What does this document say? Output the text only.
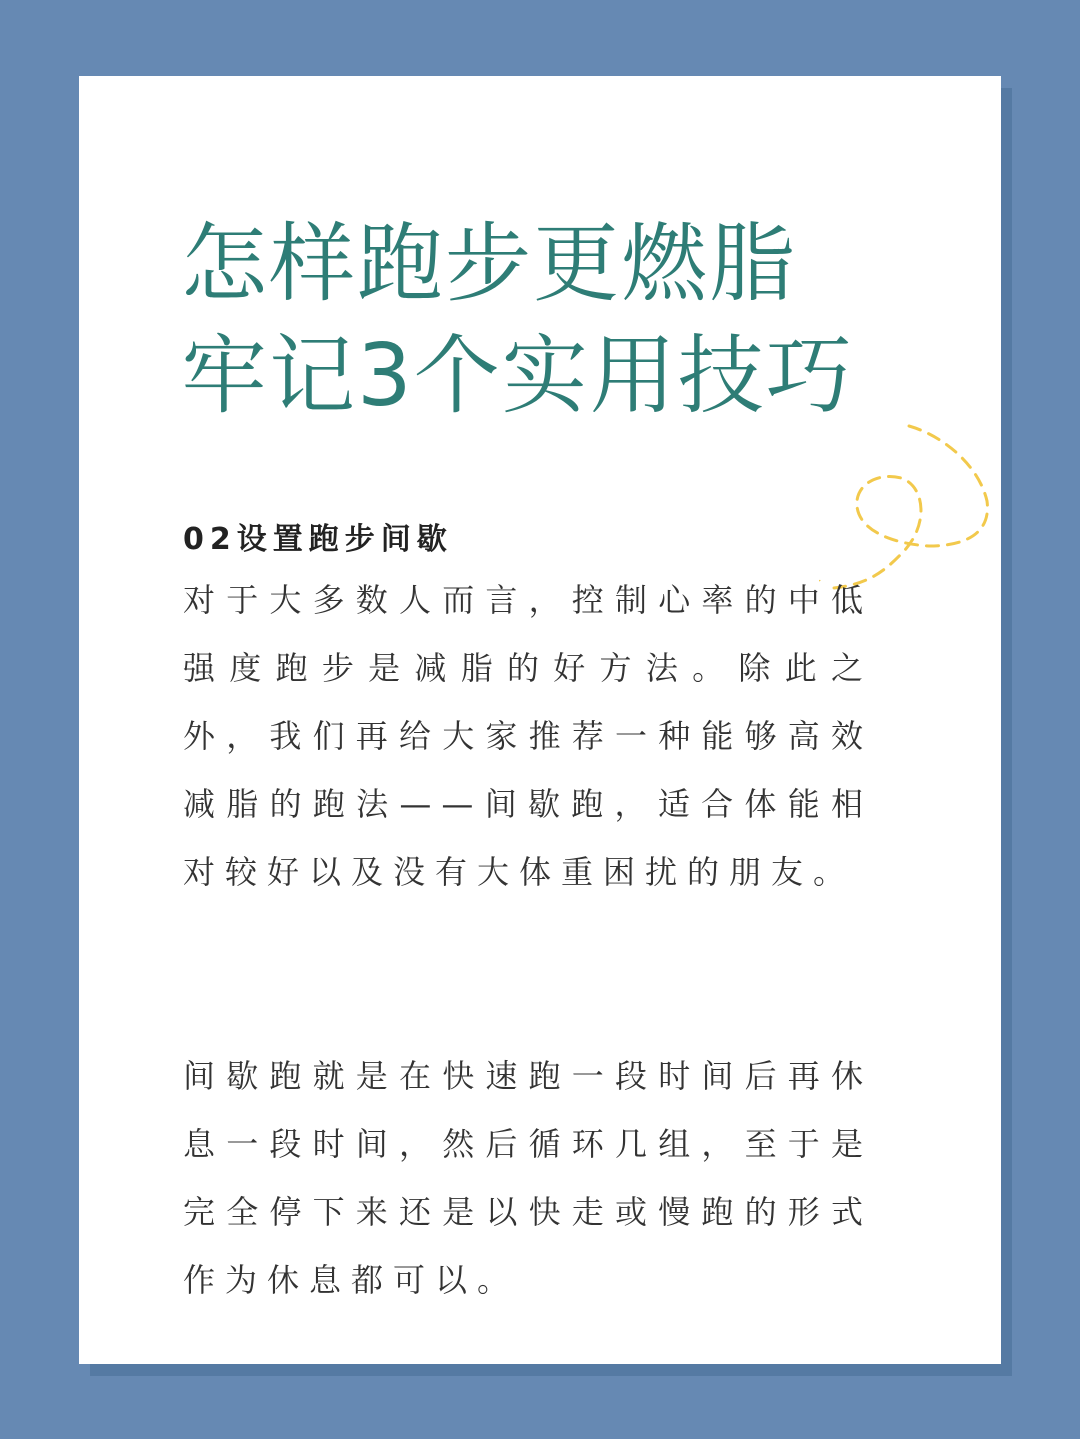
怎样跑步更燃脂
牢记3个实用技巧
02设置跑步间歇

对于大多数人而言，控制心率的中低强度跑步是减脂的好方法。除此之外，我们再给大家推荐一种能够高效减脂的跑法——间歇跑，适合体能相对较好以及没有大体重困扰的朋友。

间歇跑就是在快速跑一段时间后再休息一段时间，然后循环几组，至于是完全停下来还是以快走或慢跑的形式作为休息都可以。
